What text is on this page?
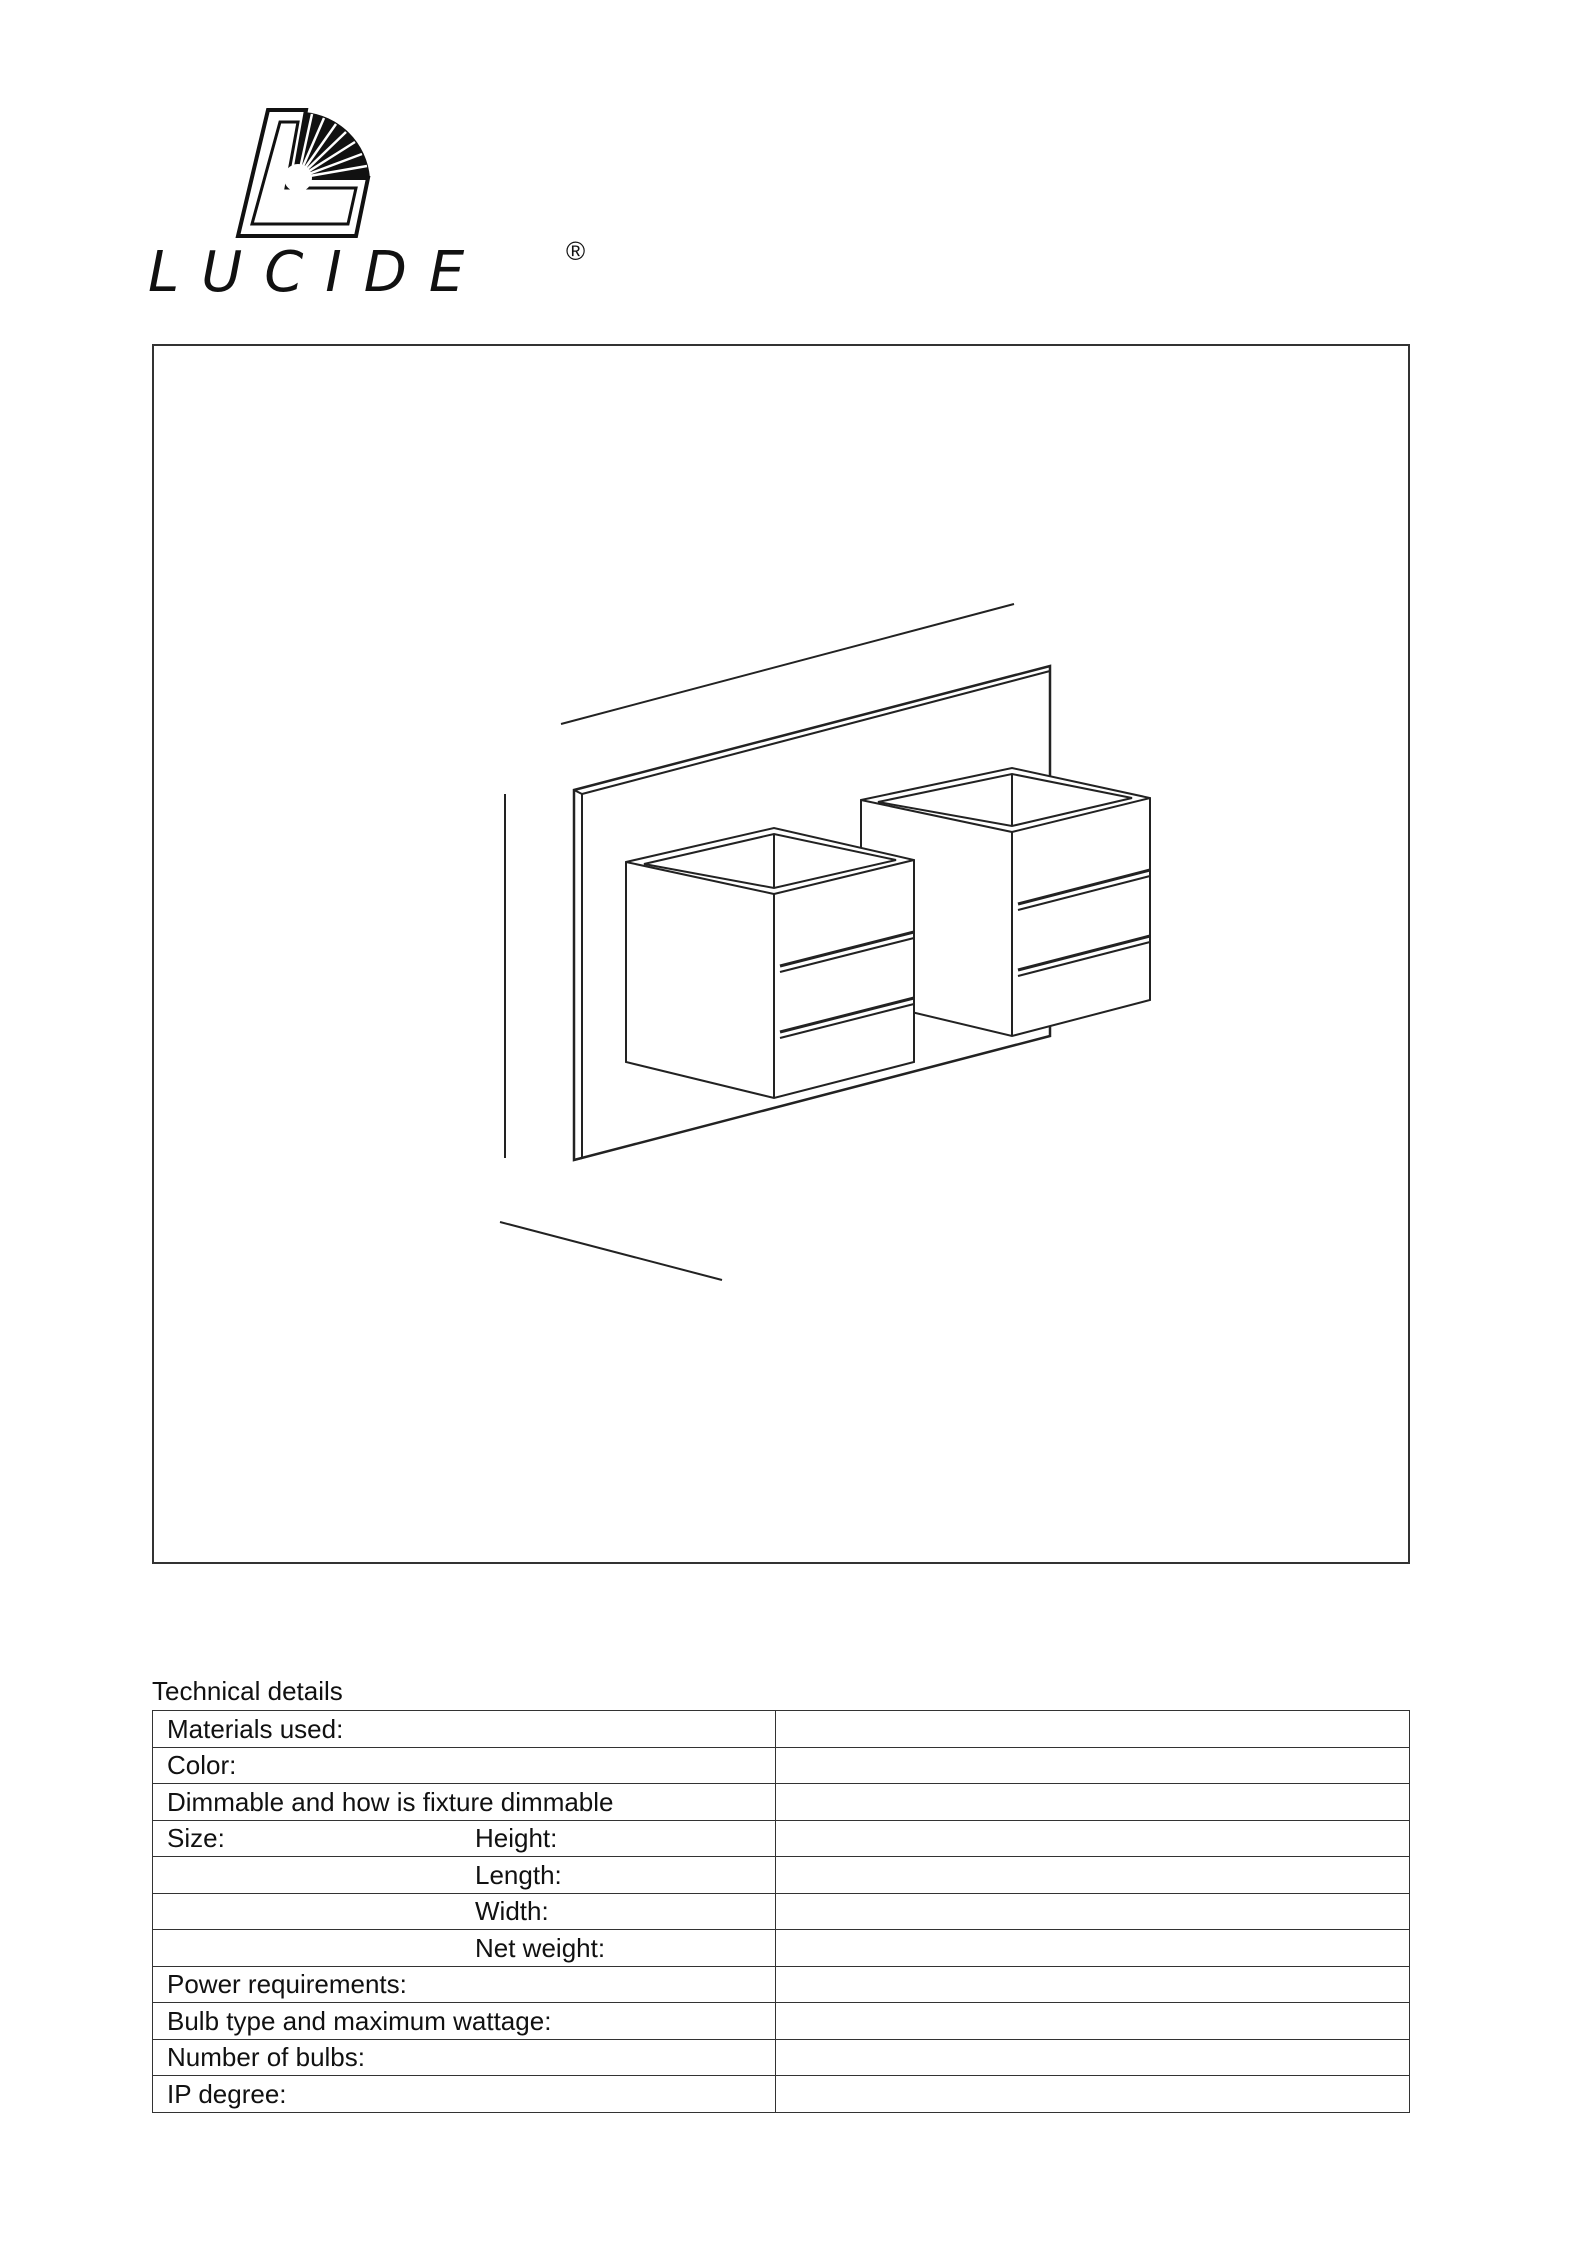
LUCIDE	®
Technical details
Materials used:	
Color:	
Dimmable and how is fixture dimmable	
Size: Height:	

Length:	

Width:	

Net weight:	

Power requirements:	
Bulb type and maximum wattage:	
Number of bulbs:	
IP degree:	
